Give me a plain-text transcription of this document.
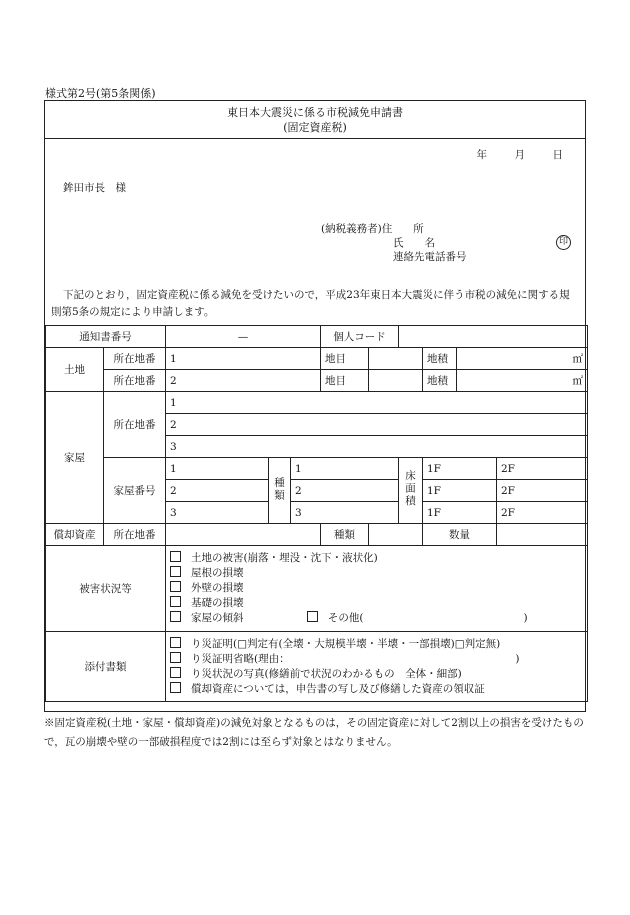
様式第2号(第5条関係)
東日本大震災に係る市税減免申請書
(固定資産税)
年	月	日
鉾田市長　様
(納税義務者) 住　　所
氏　　名
連絡先電話番号
印
下記のとおり，固定資産税に係る減免を受けたいので，平成23年東日本大震災に伴う市税の減免に関する規則第5条の規定により申請します。
通知書番号		—			個人コード					
土地	所在地番	1			地目			地積	㎡	

	所在地番	2			地目			地積	㎡	

家屋	所在地番	1								
		2								
		3								
	家屋番号	1	種類	1			床面積	1F		2F
		2		2				1F		2F
		3		3				1F		2F
償却資産	所在地番				種類			数量		
被害状況等		土地の被害(崩落・埋没・沈下・液状化)
屋根の損壊
外壁の損壊
基礎の損壊
家屋の傾斜 その他( )								

添付書類		り災証明(□判定有(全壊・大規模半壊・半壊・一部損壊)□判定無)
り災証明省略(理由：　　　　　　　　　　　　　　　　　　　　　　)
り災状況の写真(修繕前で状況のわかるもの　全体・細部)
償却資産については，申告書の写し及び修繕した資産の領収証								
※固定資産税(土地・家屋・償却資産)の減免対象となるものは，その固定資産に対して2割以上の損害を受けたもので，瓦の崩壊や壁の一部破損程度では2割には至らず対象とはなりません。
